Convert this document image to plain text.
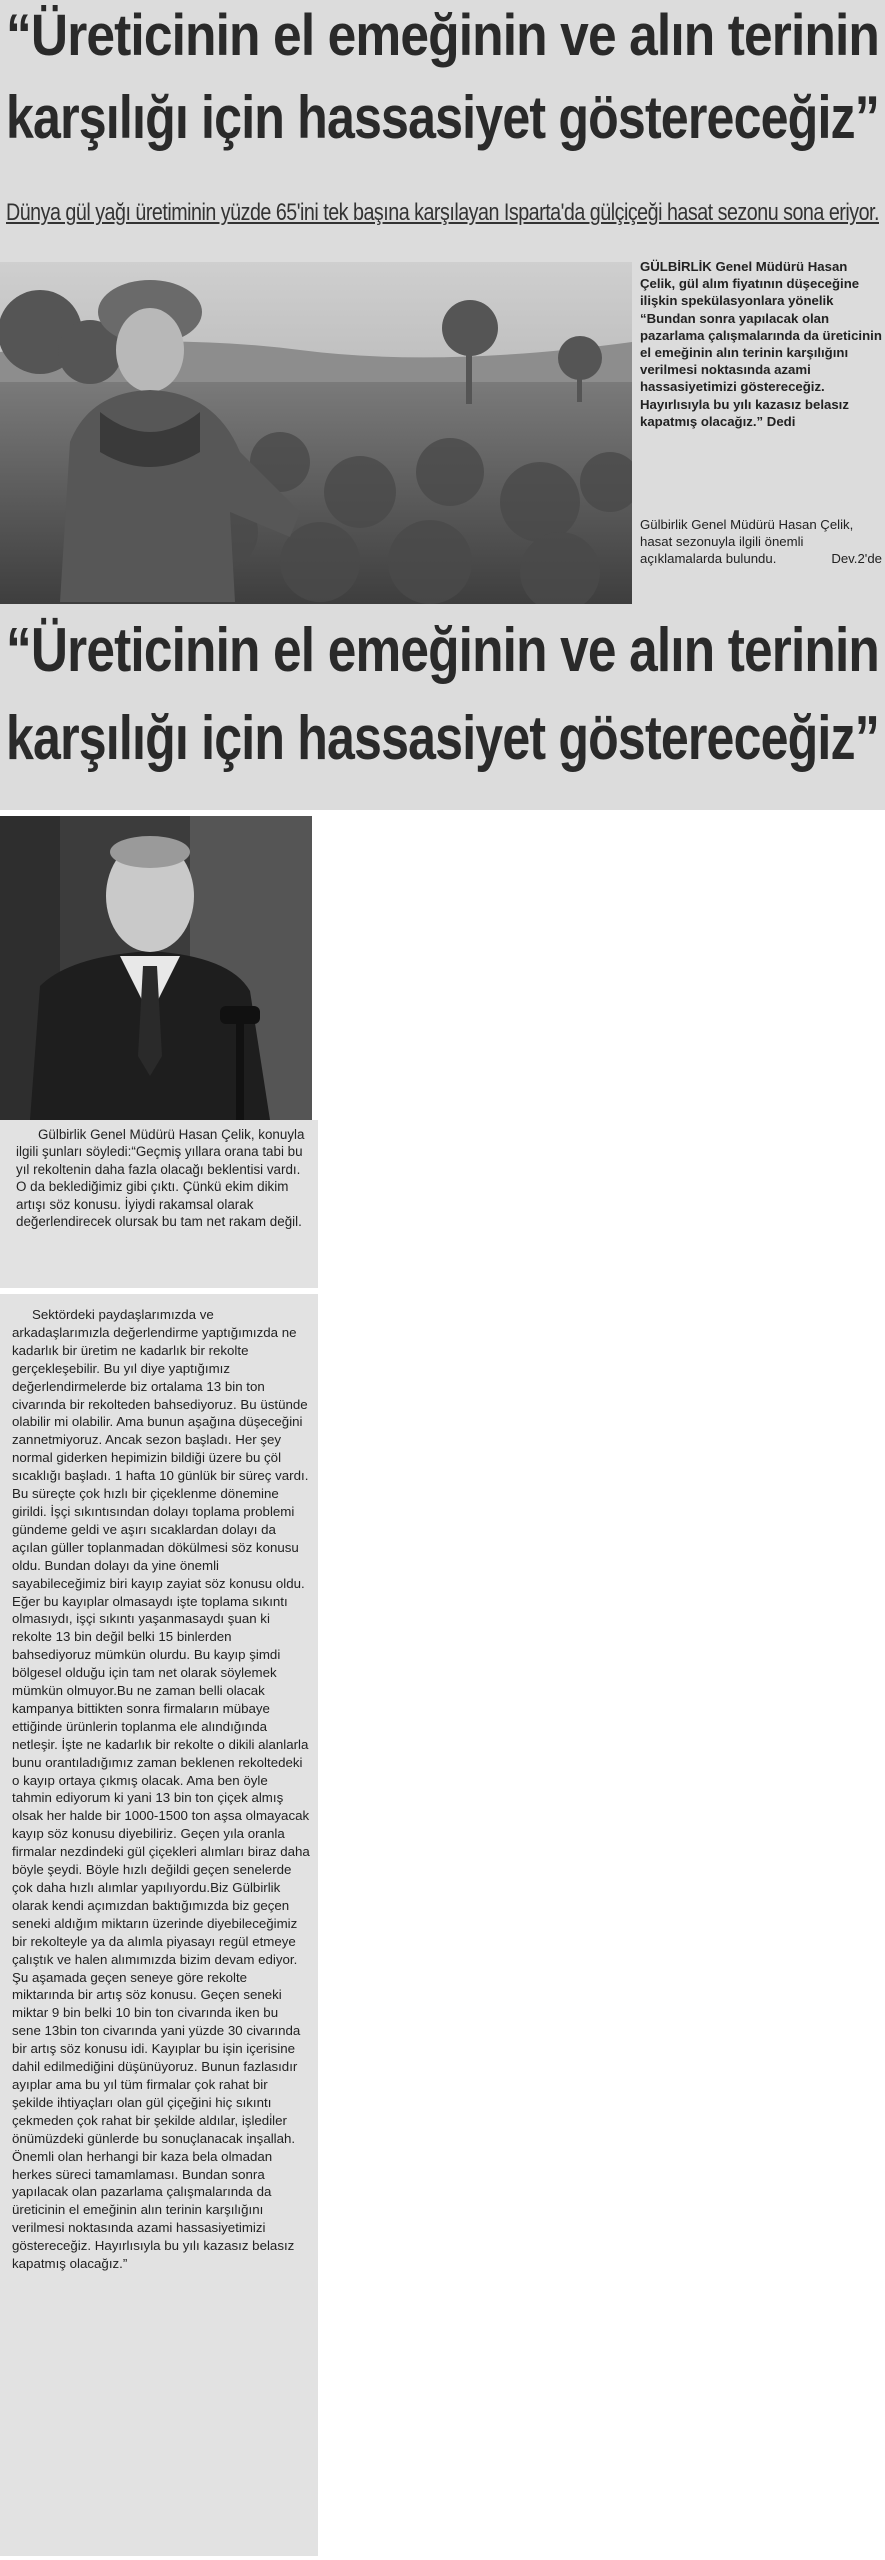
“Üreticinin el emeğinin ve alın terinin
karşılığı için hassasiyet göstereceğiz”
Dünya gül yağı üretiminin yüzde 65'ini tek başına karşılayan Isparta'da gülçiçeği hasat sezonu sona eriyor.
GÜLBİRLİK Genel Müdürü Hasan Çelik, gül alım fiyatının düşeceğine ilişkin spekülasyonlara yönelik “Bundan sonra yapılacak olan pazarlama çalışmalarında da üreticinin el emeğinin alın terinin karşılığını verilmesi noktasında azami hassasiyetimizi göstereceğiz. Hayırlısıyla bu yılı kazasız belasız kapatmış olacağız.” Dedi
Gülbirlik Genel Müdürü Hasan Çelik, hasat sezonuyla ilgili önemli açıklamalarda bulundu.	Dev.2'de
“Üreticinin el emeğinin ve alın terinin
karşılığı için hassasiyet göstereceğiz”

Gülbirlik Genel Müdürü Hasan Çelik, konuyla ilgili şunları söyledi:“Geçmiş yıllara orana tabi bu yıl rekoltenin daha fazla olacağı beklentisi vardı. O da beklediğimiz gibi çıktı. Çünkü ekim dikim artışı söz konusu. İyiydi rakamsal olarak değerlendirecek olursak bu tam net rakam değil.

Sektördeki paydaşlarımızda ve arkadaşlarımızla değerlendirme yaptığımızda ne kadarlık bir üretim ne kadarlık bir rekolte gerçekleşebilir. Bu yıl diye yaptığımız değerlendirmelerde biz ortalama 13 bin ton civarında bir rekolteden bahsediyoruz. Bu üstünde olabilir mi olabilir. Ama bunun aşağına düşeceğini zannetmiyoruz. Ancak sezon başladı. Her şey normal giderken hepimizin bildiği üzere bu çöl sıcaklığı başladı. 1 hafta 10 günlük bir süreç vardı. Bu süreçte çok hızlı bir çiçeklenme dönemine girildi. İşçi sıkıntısından dolayı toplama problemi gündeme geldi ve aşırı sıcaklardan dolayı da açılan güller toplanmadan dökülmesi söz konusu oldu. Bundan dolayı da yine önemli sayabileceğimiz biri kayıp zayiat söz konusu oldu. Eğer bu kayıplar olmasaydı işte toplama sıkıntı olmasıydı, işçi sıkıntı yaşanmasaydı şuan ki rekolte 13 bin değil belki 15 binlerden bahsediyoruz mümkün olurdu. Bu kayıp şimdi bölgesel olduğu için tam net olarak söylemek mümkün olmuyor.Bu ne zaman belli olacak kampanya bittikten sonra firmaların mübaye ettiğinde ürünlerin toplanma ele alındığında netleşir. İşte ne kadarlık bir rekolte o dikili alanlarla bunu orantıladığımız zaman beklenen rekoltedeki o kayıp ortaya çıkmış olacak. Ama ben öyle tahmin ediyorum ki yani 13 bin ton çiçek almış olsak her halde bir 1000-1500 ton aşsa olmayacak kayıp söz konusu diyebiliriz. Geçen yıla oranla firmalar nezdindeki gül çiçekleri alımları biraz daha böyle şeydi. Böyle hızlı değildi geçen senelerde çok daha hızlı alımlar yapılıyordu.Biz Gülbirlik olarak kendi açımızdan baktığımızda biz geçen seneki aldığım miktarın üzerinde diyebileceğimiz bir rekolteyle ya da alımla piyasayı regül etmeye çalıştık ve halen alımımızda bizim devam ediyor. Şu aşamada geçen seneye göre rekolte miktarında bir artış söz konusu. Geçen seneki miktar 9 bin belki 10 bin ton civarında iken bu sene 13bin ton civarında yani yüzde 30 civarında bir artış söz konusu idi. Kayıplar bu işin içerisine dahil edilmediğini düşünüyoruz. Bunun fazlasıdır ayıplar ama bu yıl tüm firmalar çok rahat bir şekilde ihtiyaçları olan gül çiçeğini hiç sıkıntı çekmeden çok rahat bir şekilde aldılar, işledi̇ler önümüzdeki günlerde bu sonuçlanacak inşallah. Önemli olan herhangi bir kaza bela olmadan herkes süreci tamamlaması. Bundan sonra yapılacak olan pazarlama çalışmalarında da üreticinin el emeğinin alın terinin karşılığını verilmesi noktasında azami hassasiyetimizi göstereceğiz. Hayırlısıyla bu yılı kazasız belasız kapatmış olacağız.”
